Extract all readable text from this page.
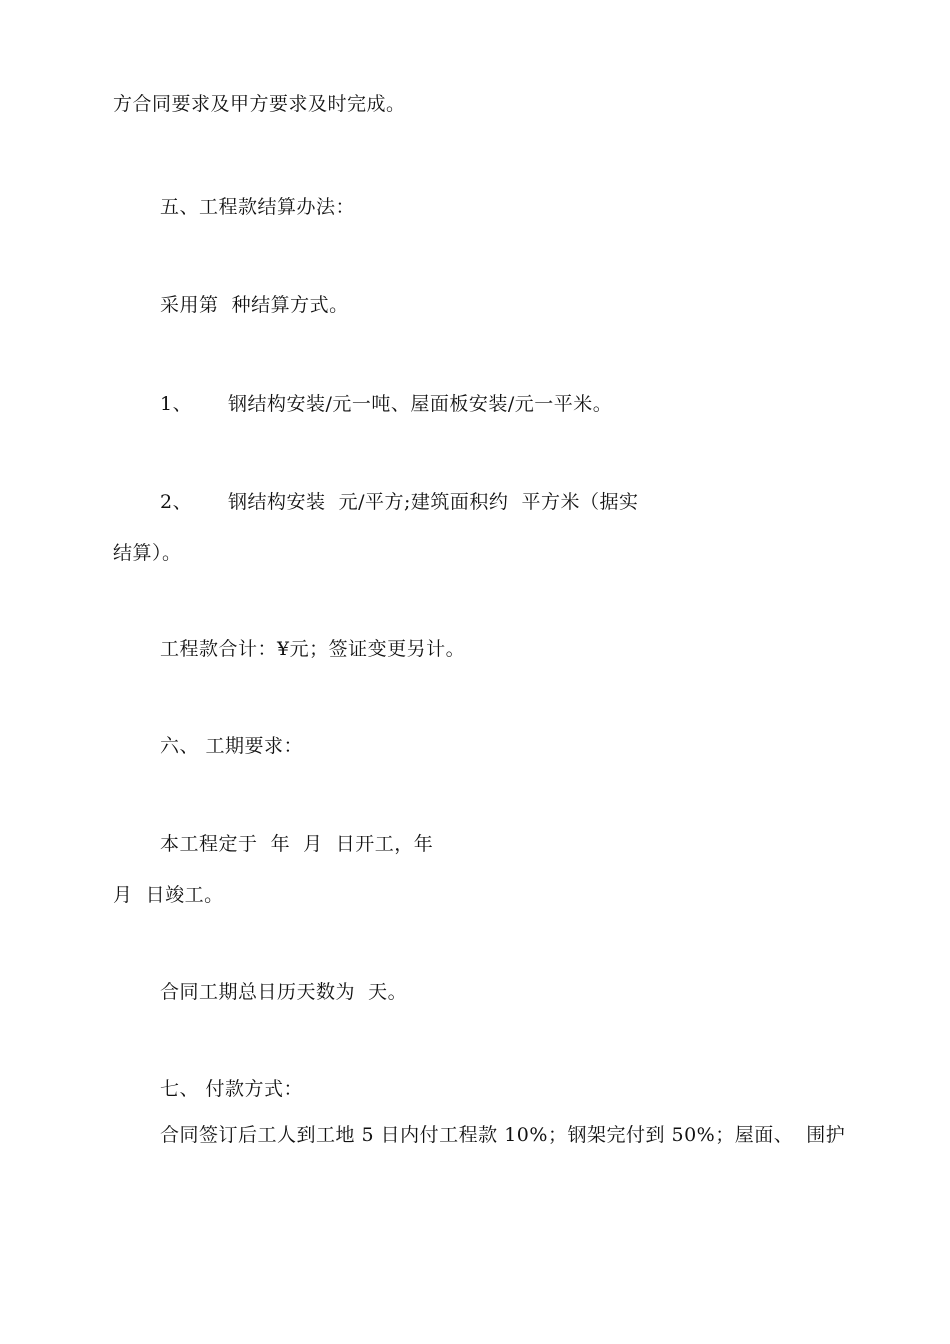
方合同要求及甲方要求及时完成。
五、工程款结算办法：
采用第  种结算方式。
1、 钢结构安装/元一吨、屋面板安装/元一平米。
2、 钢结构安装  元/平方;建筑面积约  平方米（据实
结算）。
工程款合计：¥元；签证变更另计。
六、 工期要求：
本工程定于  年  月  日开工，年
月  日竣工。
合同工期总日历天数为  天。
七、 付款方式：
合同签订后工人到工地 5 日内付工程款 10%；钢架完付到 50%；屋面、  围护
